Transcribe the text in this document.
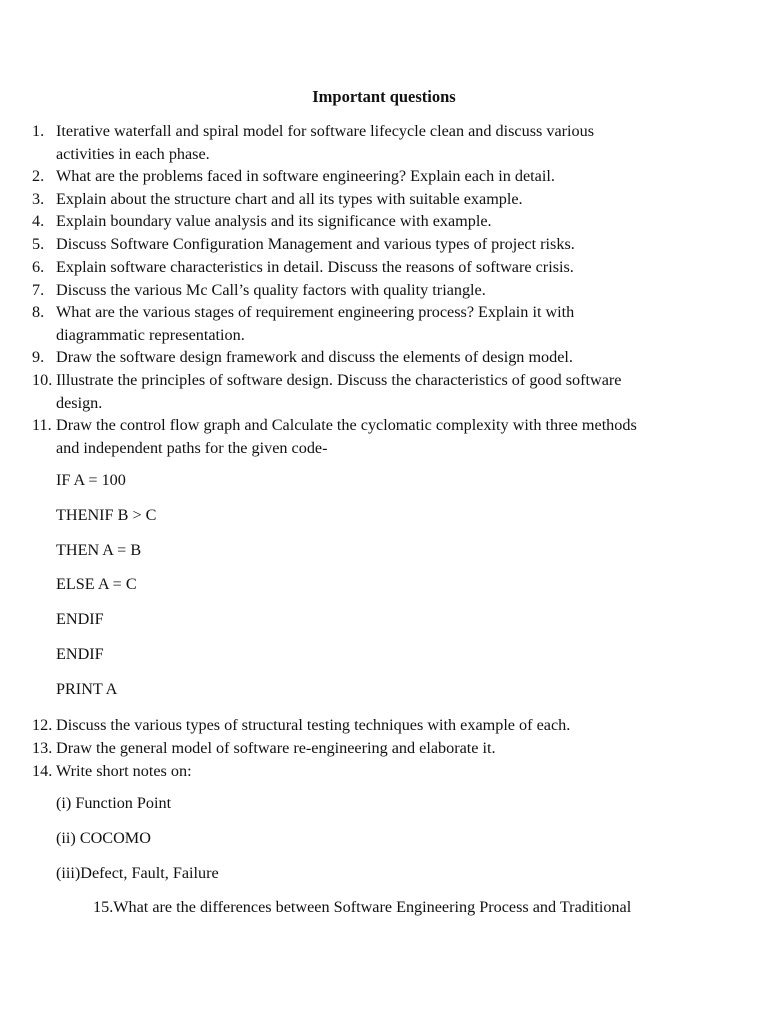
Important questions
1. Iterative waterfall and spiral model for software lifecycle clean and discuss various
activities in each phase.
2. What are the problems faced in software engineering? Explain each in detail.
3. Explain about the structure chart and all its types with suitable example.
4. Explain boundary value analysis and its significance with example.
5. Discuss Software Configuration Management and various types of project risks.
6. Explain software characteristics in detail. Discuss the reasons of software crisis.
7. Discuss the various Mc Call’s quality factors with quality triangle.
8. What are the various stages of requirement engineering process? Explain it with
diagrammatic representation.
9. Draw the software design framework and discuss the elements of design model.
10. Illustrate the principles of software design. Discuss the characteristics of good software
design.
11. Draw the control flow graph and Calculate the cyclomatic complexity with three methods
and independent paths for the given code-
IF A = 100
THENIF B > C
THEN A = B
ELSE A = C
ENDIF
ENDIF
PRINT A
12. Discuss the various types of structural testing techniques with example of each.
13. Draw the general model of software re-engineering and elaborate it.
14. Write short notes on:
(i) Function Point
(ii) COCOMO
(iii)Defect, Fault, Failure
15.What are the differences between Software Engineering Process and Traditional
